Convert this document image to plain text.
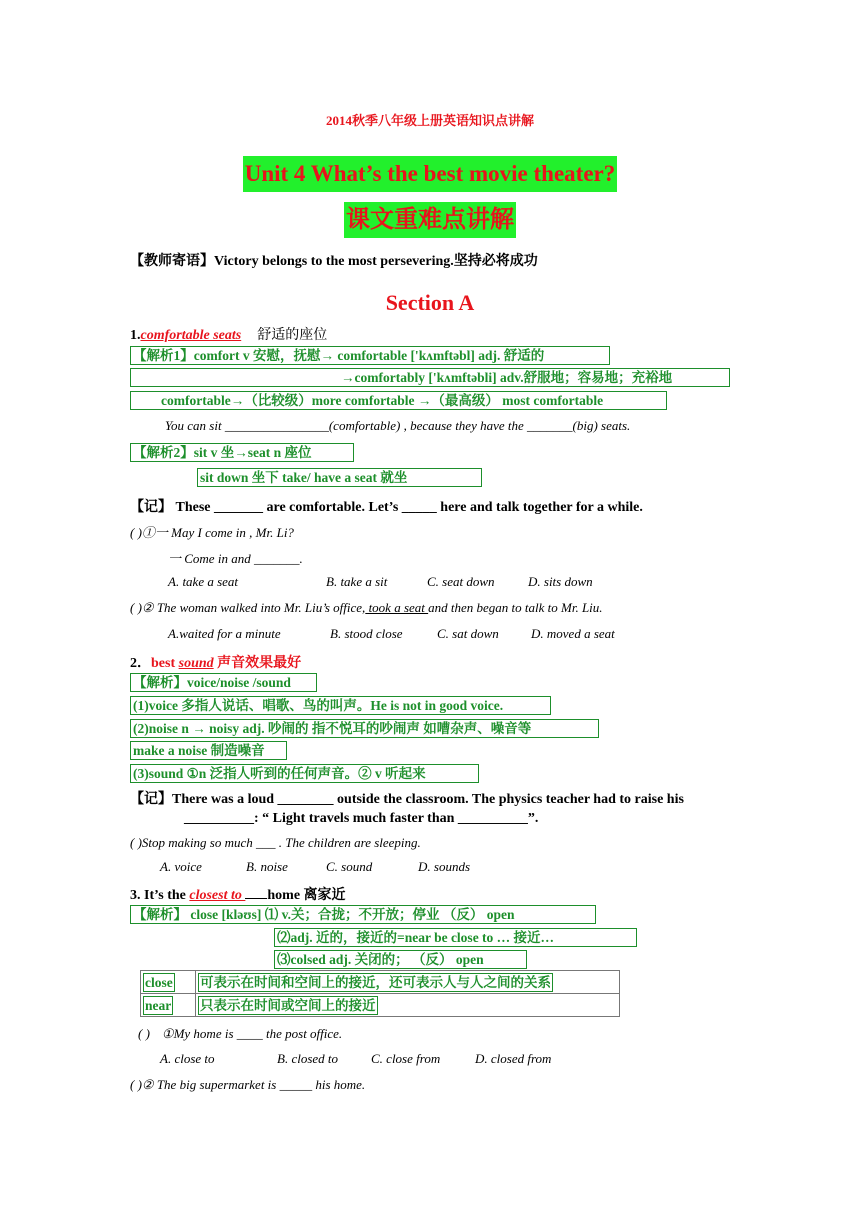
2014秋季八年级上册英语知识点讲解
Unit 4 What’s the best movie theater?
课文重难点讲解
【教师寄语】Victory belongs to the most persevering.坚持必将成功
Section A
1.comfortable seats 舒适的座位
【解析1】comfort v 安慰，抚慰→ comfortable ['kʌmftəbl] adj. 舒适的
→comfortably ['kʌmftəbli] adv.舒服地；容易地；充裕地
comfortable→（比较级）more comfortable →（最高级） most comfortable
You can sit ________________(comfortable) , because they have the _______(big) seats.
【解析2】sit v 坐→seat n 座位
sit down 坐下 take/ have a seat 就坐
【记】 These _______ are comfortable. Let’s _____ here and talk together for a while.
( )①一 May I come in , Mr. Li?
一 Come in and _______.
A. take a seat	B. take a sit	C. seat down	D. sits down
( )② The woman walked into Mr. Liu’s office, took a seat and then began to talk to Mr. Liu.
A.waited for a minute	B. stood close	C. sat down D. moved a seat
2．best sound 声音效果最好
【解析】voice/noise /sound
(1)voice 多指人说话、唱歌、鸟的叫声。He is not in good voice.
(2)noise n → noisy adj. 吵闹的 指不悦耳的吵闹声 如嘈杂声、噪音等
make a noise 制造噪音
(3)sound ①n 泛指人听到的任何声音。② v 听起来
【记】There was a loud ________ outside the classroom. The physics teacher had to raise his
__________: “ Light travels much faster than __________”.
( )Stop making so much ___ . The children are sleeping.
A. voice	B. noise	C. sound	D. sounds
3. It’s the closest to home 离家近
【解析】 close [kləʊs] ⑴ v.关；合拢；不开放；停业 （反） open
⑵adj. 近的，接近的=near be close to … 接近…
⑶colsed adj. 关闭的； （反） open
close	可表示在时间和空间上的接近，还可表示人与人之间的关系
near	只表示在时间或空间上的接近
( ) ①My home is ____ the post office.
A. close to	B. closed to	C. close from	D. closed from
( )② The big supermarket is _____ his home.
